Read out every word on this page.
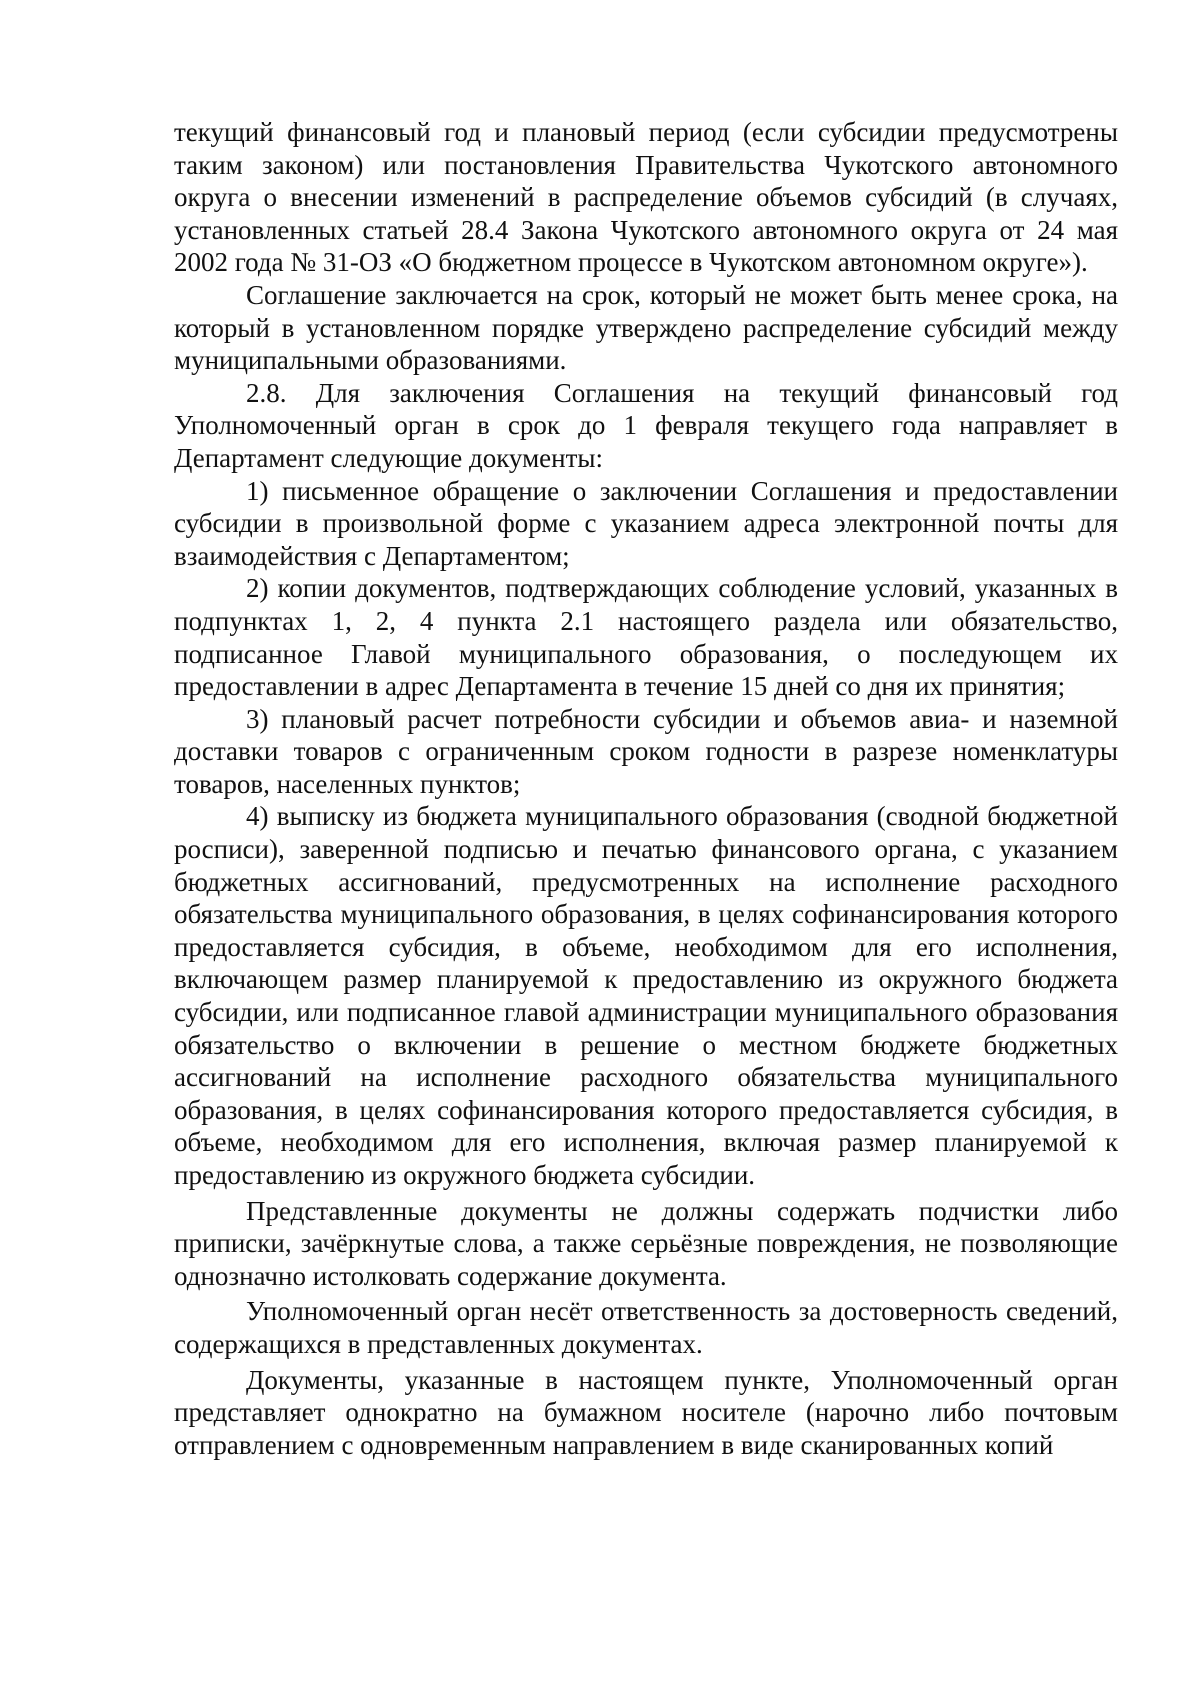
текущий финансовый год и плановый период (если субсидии предусмотрены таким законом) или постановления Правительства Чукотского автономного округа о внесении изменений в распределение объемов субсидий (в случаях, установленных статьей 28.4 Закона Чукотского автономного округа от 24 мая 2002 года № 31-ОЗ «О бюджетном процессе в Чукотском автономном округе»).

Соглашение заключается на срок, который не может быть менее срока, на который в установленном порядке утверждено распределение субсидий между муниципальными образованиями.

2.8. Для заключения Соглашения на текущий финансовый год Уполномоченный орган в срок до 1 февраля текущего года направляет в Департамент следующие документы:

1) письменное обращение о заключении Соглашения и предоставлении субсидии в произвольной форме с указанием адреса электронной почты для взаимодействия с Департаментом;

2) копии документов, подтверждающих соблюдение условий, указанных в подпунктах 1, 2, 4 пункта 2.1 настоящего раздела или обязательство, подписанное Главой муниципального образования, о последующем их предоставлении в адрес Департамента в течение 15 дней со дня их принятия;

3) плановый расчет потребности субсидии и объемов авиа- и наземной доставки товаров с ограниченным сроком годности в разрезе номенклатуры товаров, населенных пунктов;

4) выписку из бюджета муниципального образования (сводной бюджетной росписи), заверенной подписью и печатью финансового органа, с указанием бюджетных ассигнований, предусмотренных на исполнение расходного обязательства муниципального образования, в целях софинансирования которого предоставляется субсидия, в объеме, необходимом для его исполнения, включающем размер планируемой к предоставлению из окружного бюджета субсидии, или подписанное главой администрации муниципального образования обязательство о включении в решение о местном бюджете бюджетных ассигнований на исполнение расходного обязательства муниципального образования, в целях софинансирования которого предоставляется субсидия, в объеме, необходимом для его исполнения, включая размер планируемой к предоставлению из окружного бюджета субсидии.

Представленные документы не должны содержать подчистки либо приписки, зачёркнутые слова, а также серьёзные повреждения, не позволяющие однозначно истолковать содержание документа.

Уполномоченный орган несёт ответственность за достоверность сведений, содержащихся в представленных документах.

Документы, указанные в настоящем пункте, Уполномоченный орган представляет однократно на бумажном носителе (нарочно либо почтовым отправлением с одновременным направлением в виде сканированных копий
